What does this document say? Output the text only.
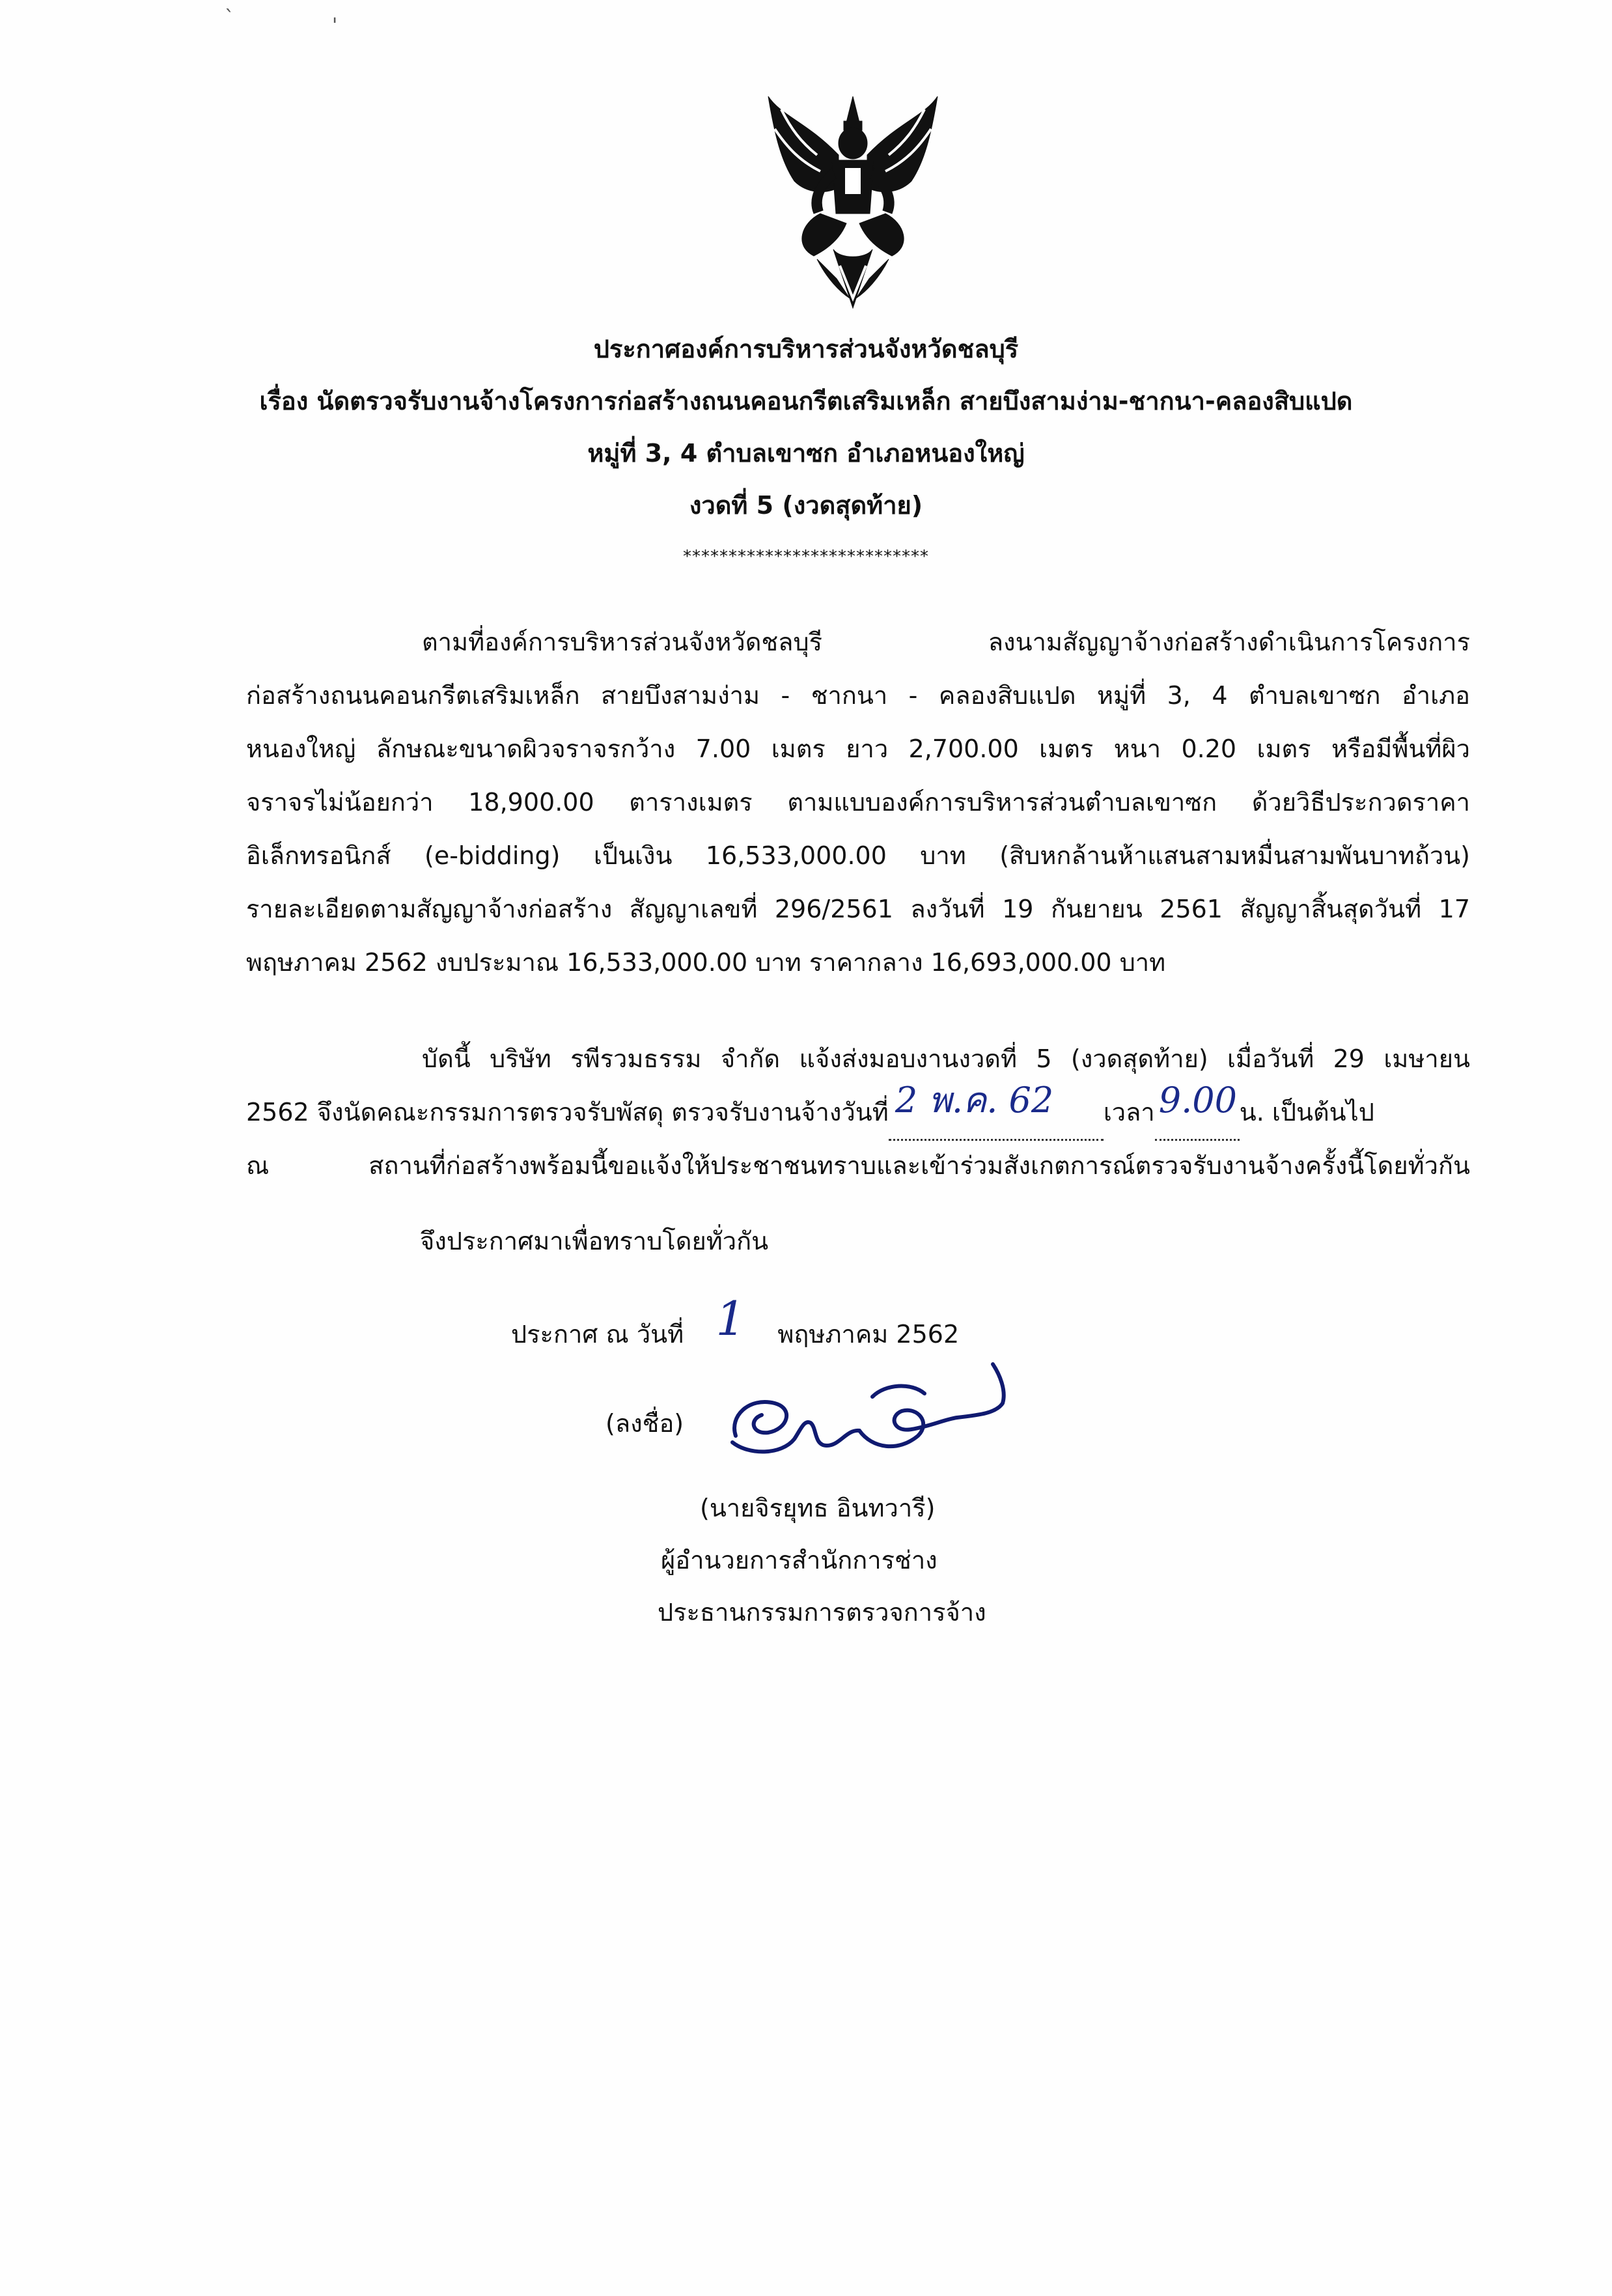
`	'
ประกาศองค์การบริหารส่วนจังหวัดชลบุรี
เรื่อง นัดตรวจรับงานจ้างโครงการก่อสร้างถนนคอนกรีตเสริมเหล็ก สายบึงสามง่าม-ชากนา-คลองสิบแปด
หมู่ที่ 3, 4 ตำบลเขาซก อำเภอหนองใหญ่
งวดที่ 5 (งวดสุดท้าย)
***************************
ตามที่องค์การบริหารส่วนจังหวัดชลบุรี ลงนามสัญญาจ้างก่อสร้างดำเนินการโครงการ
ก่อสร้างถนนคอนกรีตเสริมเหล็ก สายบึงสามง่าม - ชากนา - คลองสิบแปด หมู่ที่ 3, 4 ตำบลเขาซก อำเภอ
หนองใหญ่ ลักษณะขนาดผิวจราจรกว้าง 7.00 เมตร ยาว 2,700.00 เมตร หนา 0.20 เมตร หรือมีพื้นที่ผิว
จราจรไม่น้อยกว่า 18,900.00 ตารางเมตร ตามแบบองค์การบริหารส่วนตำบลเขาซก ด้วยวิธีประกวดราคา
อิเล็กทรอนิกส์ (e-bidding) เป็นเงิน 16,533,000.00 บาท (สิบหกล้านห้าแสนสามหมื่นสามพันบาทถ้วน)
รายละเอียดตามสัญญาจ้างก่อสร้าง สัญญาเลขที่ 296/2561 ลงวันที่ 19 กันยายน 2561 สัญญาสิ้นสุดวันที่ 17
พฤษภาคม 2562 งบประมาณ 16,533,000.00 บาท ราคากลาง 16,693,000.00 บาท
บัดนี้ บริษัท รพีรวมธรรม จำกัด แจ้งส่งมอบงานงวดที่ 5 (งวดสุดท้าย) เมื่อวันที่ 29 เมษายน
2562 จึงนัดคณะกรรมการตรวจรับพัสดุ ตรวจรับงานจ้างวันที่ 2 พ.ค. 62 เวลา 9.00 น. เป็นต้นไป
ณ สถานที่ก่อสร้างพร้อมนี้ขอแจ้งให้ประชาชนทราบและเข้าร่วมสังเกตการณ์ตรวจรับงานจ้างครั้งนี้โดยทั่วกัน
จึงประกาศมาเพื่อทราบโดยทั่วกัน
ประกาศ ณ วันที่ 1 พฤษภาคม 2562
(ลงชื่อ)
(นายจิรยุทธ อินทวารี)
ผู้อำนวยการสำนักการช่าง
ประธานกรรมการตรวจการจ้าง
